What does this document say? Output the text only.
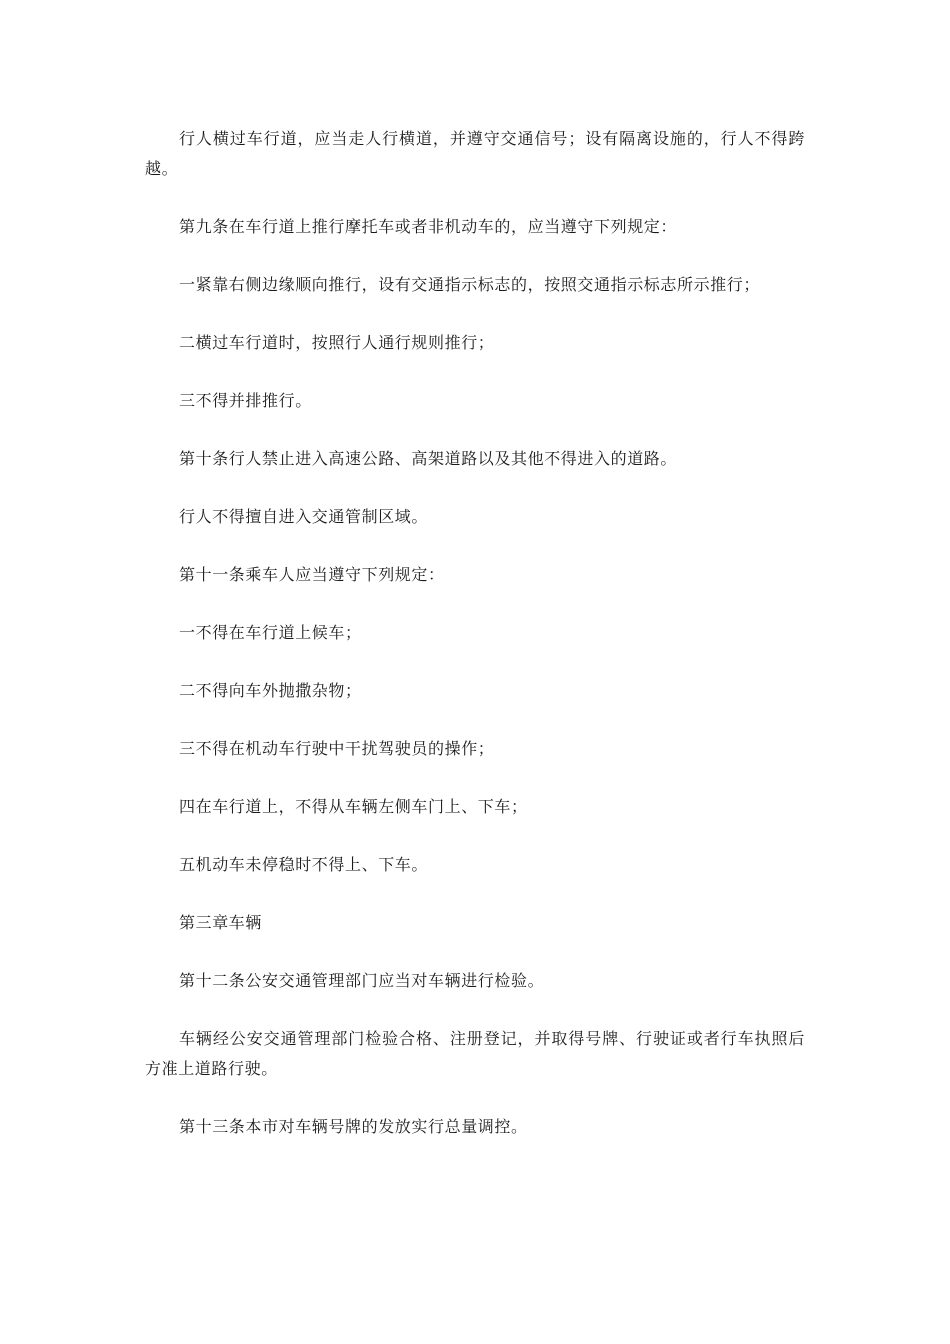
行人横过车行道，应当走人行横道，并遵守交通信号；设有隔离设施的，行人不得跨越。

第九条在车行道上推行摩托车或者非机动车的，应当遵守下列规定：

一紧靠右侧边缘顺向推行，设有交通指示标志的，按照交通指示标志所示推行；

二横过车行道时，按照行人通行规则推行；

三不得并排推行。

第十条行人禁止进入高速公路、高架道路以及其他不得进入的道路。

行人不得擅自进入交通管制区域。

第十一条乘车人应当遵守下列规定：

一不得在车行道上候车；

二不得向车外抛撒杂物；

三不得在机动车行驶中干扰驾驶员的操作；

四在车行道上，不得从车辆左侧车门上、下车；

五机动车未停稳时不得上、下车。

第三章车辆

第十二条公安交通管理部门应当对车辆进行检验。

车辆经公安交通管理部门检验合格、注册登记，并取得号牌、行驶证或者行车执照后方准上道路行驶。

第十三条本市对车辆号牌的发放实行总量调控。
